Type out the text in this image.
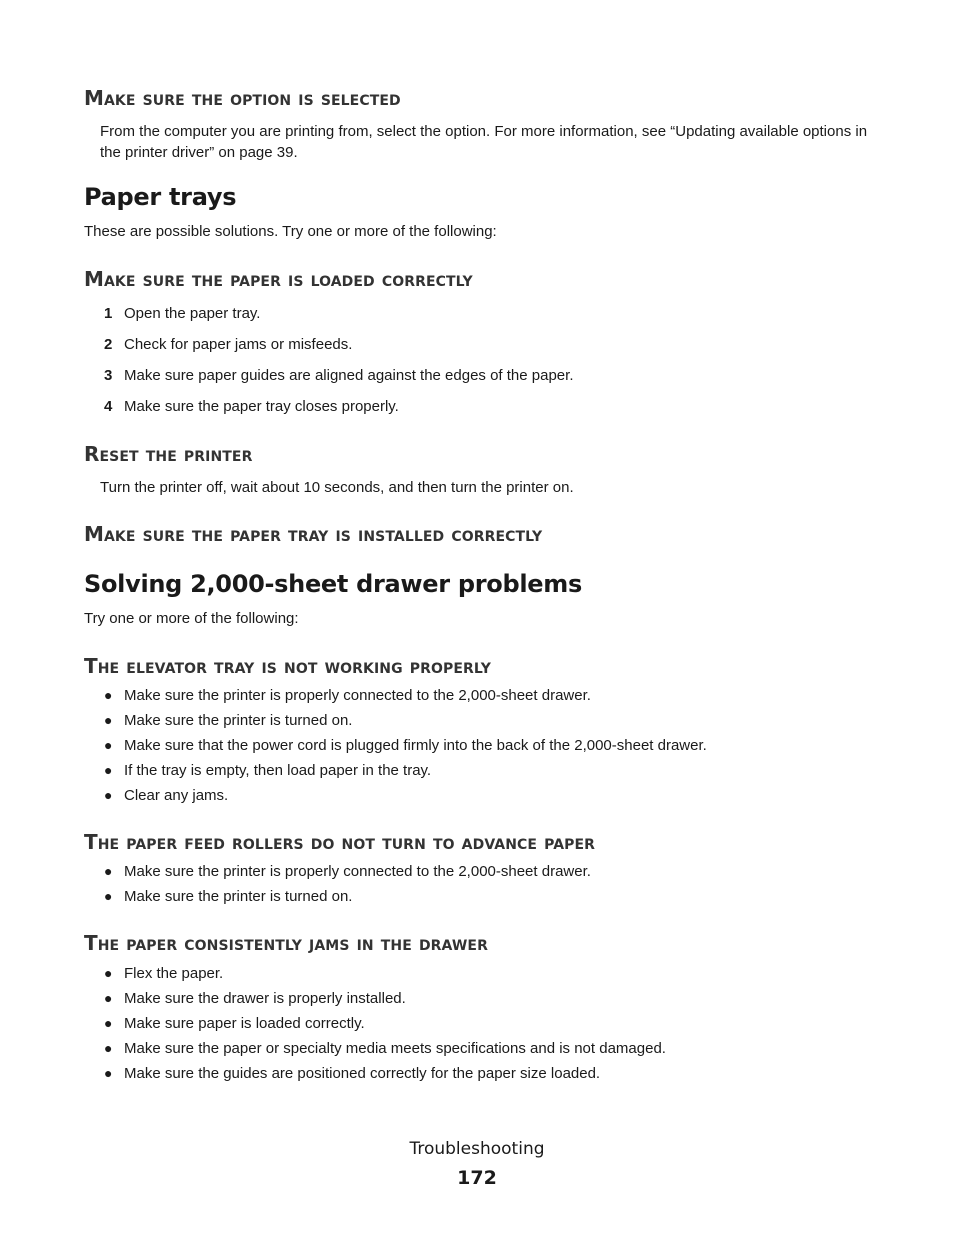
Make sure the option is selected

From the computer you are printing from, select the option. For more information, see “Updating available options in the printer driver” on page 39.

Paper trays

These are possible solutions. Try one or more of the following:

Make sure the paper is loaded correctly
1 Open the paper tray.
2 Check for paper jams or misfeeds.
3 Make sure paper guides are aligned against the edges of the paper.
4 Make sure the paper tray closes properly.
Reset the printer

Turn the printer off, wait about 10 seconds, and then turn the printer on.

Make sure the paper tray is installed correctly
Solving 2,000-sheet drawer problems

Try one or more of the following:

The elevator tray is not working properly
● Make sure the printer is properly connected to the 2,000-sheet drawer.
● Make sure the printer is turned on.
● Make sure that the power cord is plugged firmly into the back of the 2,000-sheet drawer.
● If the tray is empty, then load paper in the tray.
● Clear any jams.
The paper feed rollers do not turn to advance paper
● Make sure the printer is properly connected to the 2,000-sheet drawer.
● Make sure the printer is turned on.
The paper consistently jams in the drawer
● Flex the paper.
● Make sure the drawer is properly installed.
● Make sure paper is loaded correctly.
● Make sure the paper or specialty media meets specifications and is not damaged.
● Make sure the guides are positioned correctly for the paper size loaded.
Troubleshooting
172
